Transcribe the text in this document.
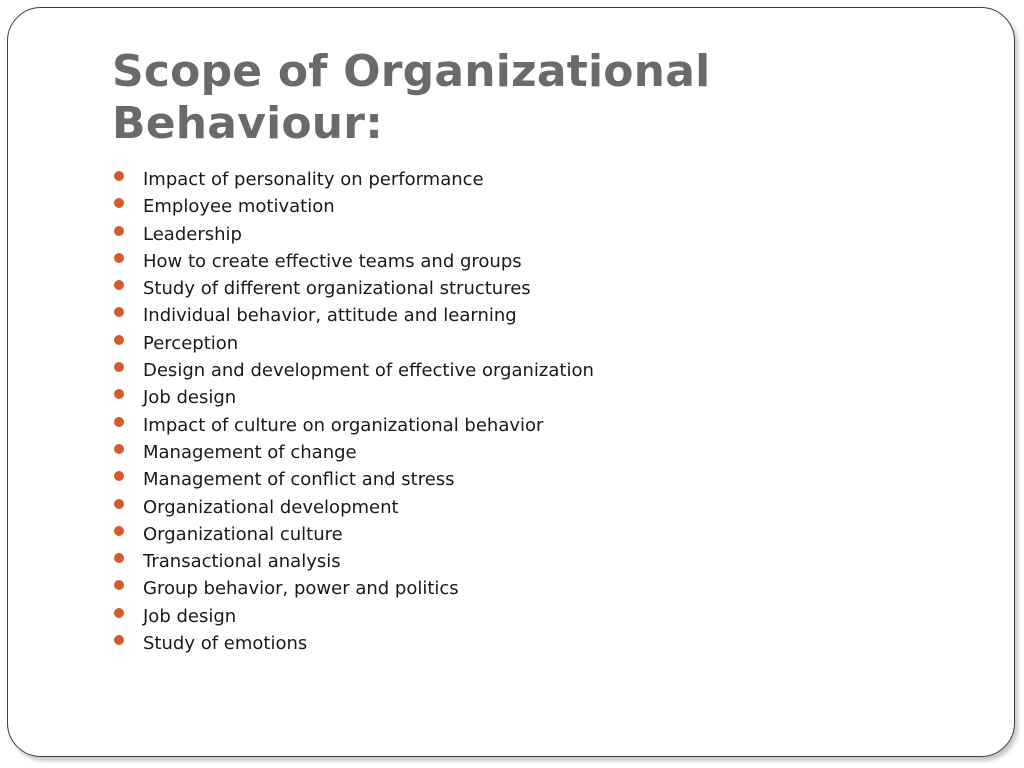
Scope of Organizational Behaviour:
Impact of personality on performance
Employee motivation
Leadership
How to create effective teams and groups
Study of different organizational structures
Individual behavior, attitude and learning
Perception
Design and development of effective organization
Job design
Impact of culture on organizational behavior
Management of change
Management of conflict and stress
Organizational development
Organizational culture
Transactional analysis
Group behavior, power and politics
Job design
Study of emotions
